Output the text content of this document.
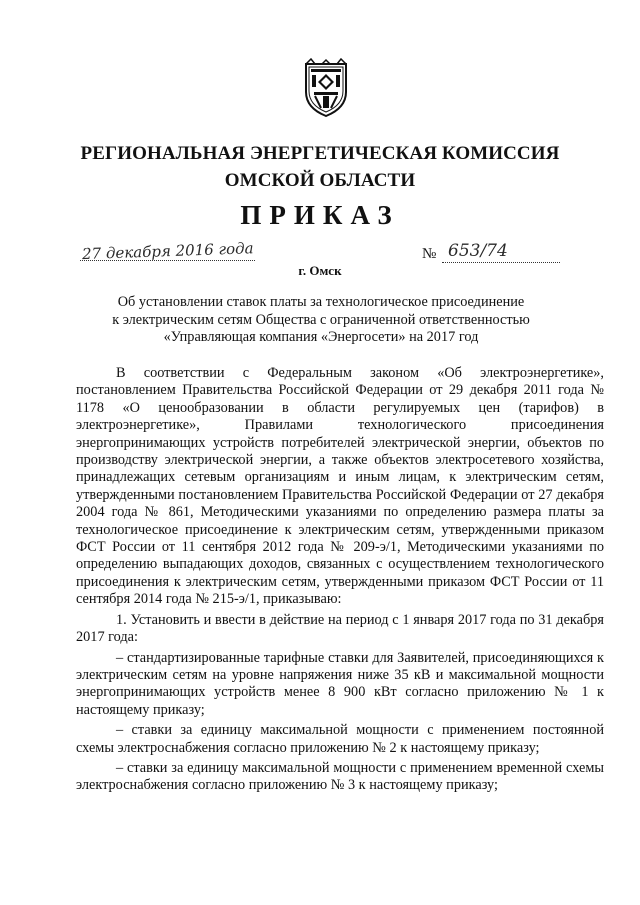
РЕГИОНАЛЬНАЯ ЭНЕРГЕТИЧЕСКАЯ КОМИССИЯ
ОМСКОЙ ОБЛАСТИ
ПРИКАЗ
27 декабря 2016 года	№ 653/74
г. Омск
Об установлении ставок платы за технологическое присоединение
к электрическим сетям Общества с ограниченной ответственностью
«Управляющая компания «Энергосети» на 2017 год

В соответствии с Федеральным законом «Об электроэнергетике», постановлением Правительства Российской Федерации от 29 декабря 2011 года № 1178 «О ценообразовании в области регулируемых цен (тарифов) в электроэнергетике», Правилами технологического присоединения энергопринимающих устройств потребителей электрической энергии, объектов по производству электрической энергии, а также объектов электросетевого хозяйства, принадлежащих сетевым организациям и иным лицам, к электрическим сетям, утвержденными постановлением Правительства Российской Федерации от 27 декабря 2004 года № 861, Методическими указаниями по определению размера платы за технологическое присоединение к электрическим сетям, утвержденными приказом ФСТ России от 11 сентября 2012 года № 209-э/1, Методическими указаниями по определению выпадающих доходов, связанных с осуществлением технологического присоединения к электрическим сетям, утвержденными приказом ФСТ России от 11 сентября 2014 года № 215-э/1, приказываю:

1. Установить и ввести в действие на период с 1 января 2017 года по 31 декабря 2017 года:

– стандартизированные тарифные ставки для Заявителей, присоединяющихся к электрическим сетям на уровне напряжения ниже 35 кВ и максимальной мощности энергопринимающих устройств менее 8 900 кВт согласно приложению № 1 к настоящему приказу;

– ставки за единицу максимальной мощности с применением постоянной схемы электроснабжения согласно приложению № 2 к настоящему приказу;

– ставки за единицу максимальной мощности с применением временной схемы электроснабжения согласно приложению № 3 к настоящему приказу;
